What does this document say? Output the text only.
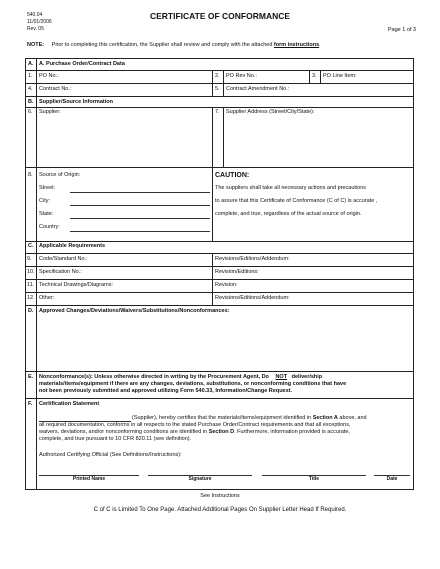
540.04
11/01/2006
Rev. 05
CERTIFICATE OF CONFORMANCE
Page 1 of 3
NOTE: Prior to completing this certification, the Supplier shall review and comply with the attached form instructions.
A. A. Purchase Order/Contract Data
1. PO No.:	2. PO Rev No.:	3. PO Line Item:
4. Contract No.:	5. Contract Amendment No.:
B. Supplier/Source Information
6. Supplier:	7. Supplier Address (Street/City/State):
8. Source of Origin:
Street:
City:
State:
Country:
CAUTION:
The suppliers shall take all necessary actions and precautions
to assure that this Certificate of Conformance (C of C) is accurate ,
complete, and true, regardless of the actual source of origin.
C. Applicable Requirements
9. Code/Standard No.:	Revisions/Editions/Addendum:
10. Specification No.:	Revision/Editions:
11. Technical Drawings/Diagrams:	Revision:
12. Other:	Revisions/Editions/Addendum:
D. Approved Changes/Deviations/Waivers/Substitutions/Nonconformances:
E. Nonconformance(s): Unless otherwise directed in writing by the Procurement Agent, Do NOT deliver/ship
materials/items/equipment if there are any changes, deviations, substitutions, or nonconforming conditions that have
not been previously submitted and approved utilizing Form 540.33, Information/Change Request.
F. Certification Statement
(Supplier), hereby certifies that the materials/items/equipment identified in Section A above, and
all required documentation, conforms in all respects to the stated Purchase Order/Contract requirements and that all exceptions,
waivers, deviations, and/or nonconforming conditions are identified in Section D. Furthermore, information provided is accurate,
complete, and true pursuant to 10 CFR 820.11 (see definition).
Authorized Certifying Official (See Definitions/Instructions):
Printed Name	Signature	Title	Date
See Instructions
C of C is Limited To One Page. Attached Additional Pages On Supplier Letter Head If Required.
